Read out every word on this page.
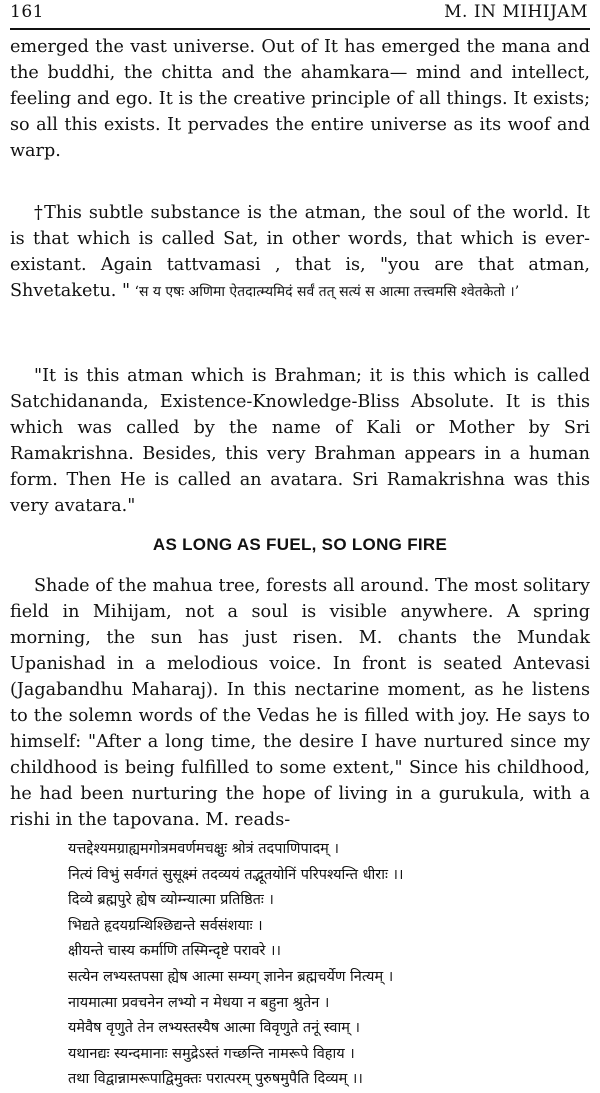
161	M. IN MIHIJAM

emerged the vast universe. Out of It has emerged the mana and the buddhi, the chitta and the ahamkara— mind and intellect, feeling and ego. It is the creative principle of all things. It exists; so all this exists. It pervades the entire universe as its woof and warp.

†This subtle substance is the atman, the soul of the world. It is that which is called Sat, in other words, that which is ever-existant. Again tattvamasi , that is, "you are that atman, Shvetaketu. " ‘स य एषः अणिमा ऐतदात्म्यमिदं सर्वं तत् सत्यं स आत्मा तत्त्वमसि श्वेतकेतो ।’

"It is this atman which is Brahman; it is this which is called Satchidananda, Existence-Knowledge-Bliss Absolute. It is this which was called by the name of Kali or Mother by Sri Ramakrishna. Besides, this very Brahman appears in a human form. Then He is called an avatara. Sri Ramakrishna was this very avatara."

AS LONG AS FUEL, SO LONG FIRE

Shade of the mahua tree, forests all around. The most solitary field in Mihijam, not a soul is visible anywhere. A spring morning, the sun has just risen. M. chants the Mundak Upanishad in a melodious voice. In front is seated Antevasi (Jagabandhu Maharaj). In this nectarine moment, as he listens to the solemn words of the Vedas he is filled with joy. He says to himself: "After a long time, the desire I have nurtured since my childhood is being fulfilled to some extent," Since his childhood, he had been nurturing the hope of living in a gurukula, with a rishi in the tapovana. M. reads-

यत्तद्देश्यमग्राह्यमगोत्रमवर्णमचक्षुः श्रोत्रं तदपाणिपादम् ।
नित्यं विभुं सर्वगतं सुसूक्ष्मं तदव्ययं तद्भूतयोनिं परिपश्यन्ति धीराः ।।
दिव्ये ब्रह्मपुरे ह्येष व्योम्न्यात्मा प्रतिष्ठितः ।
भिद्यते हृदयग्रन्थिश्छिद्यन्ते सर्वसंशयाः ।
क्षीयन्ते चास्य कर्माणि तस्मिन्दृष्टे परावरे ।।
सत्येन लभ्यस्तपसा ह्येष आत्मा सम्यग् ज्ञानेन ब्रह्मचर्येण नित्यम् ।
नायमात्मा प्रवचनेन लभ्यो न मेधया न बहुना श्रुतेन ।
यमेवैष वृणुते तेन लभ्यस्तस्यैष आत्मा विवृणुते तनूं स्वाम् ।
यथानद्यः स्यन्दमानाः समुद्रेऽस्तं गच्छन्ति नामरूपे विहाय ।
तथा विद्वान्नामरूपाद्विमुक्तः परात्परम् पुरुषमुपैति दिव्यम् ।।
